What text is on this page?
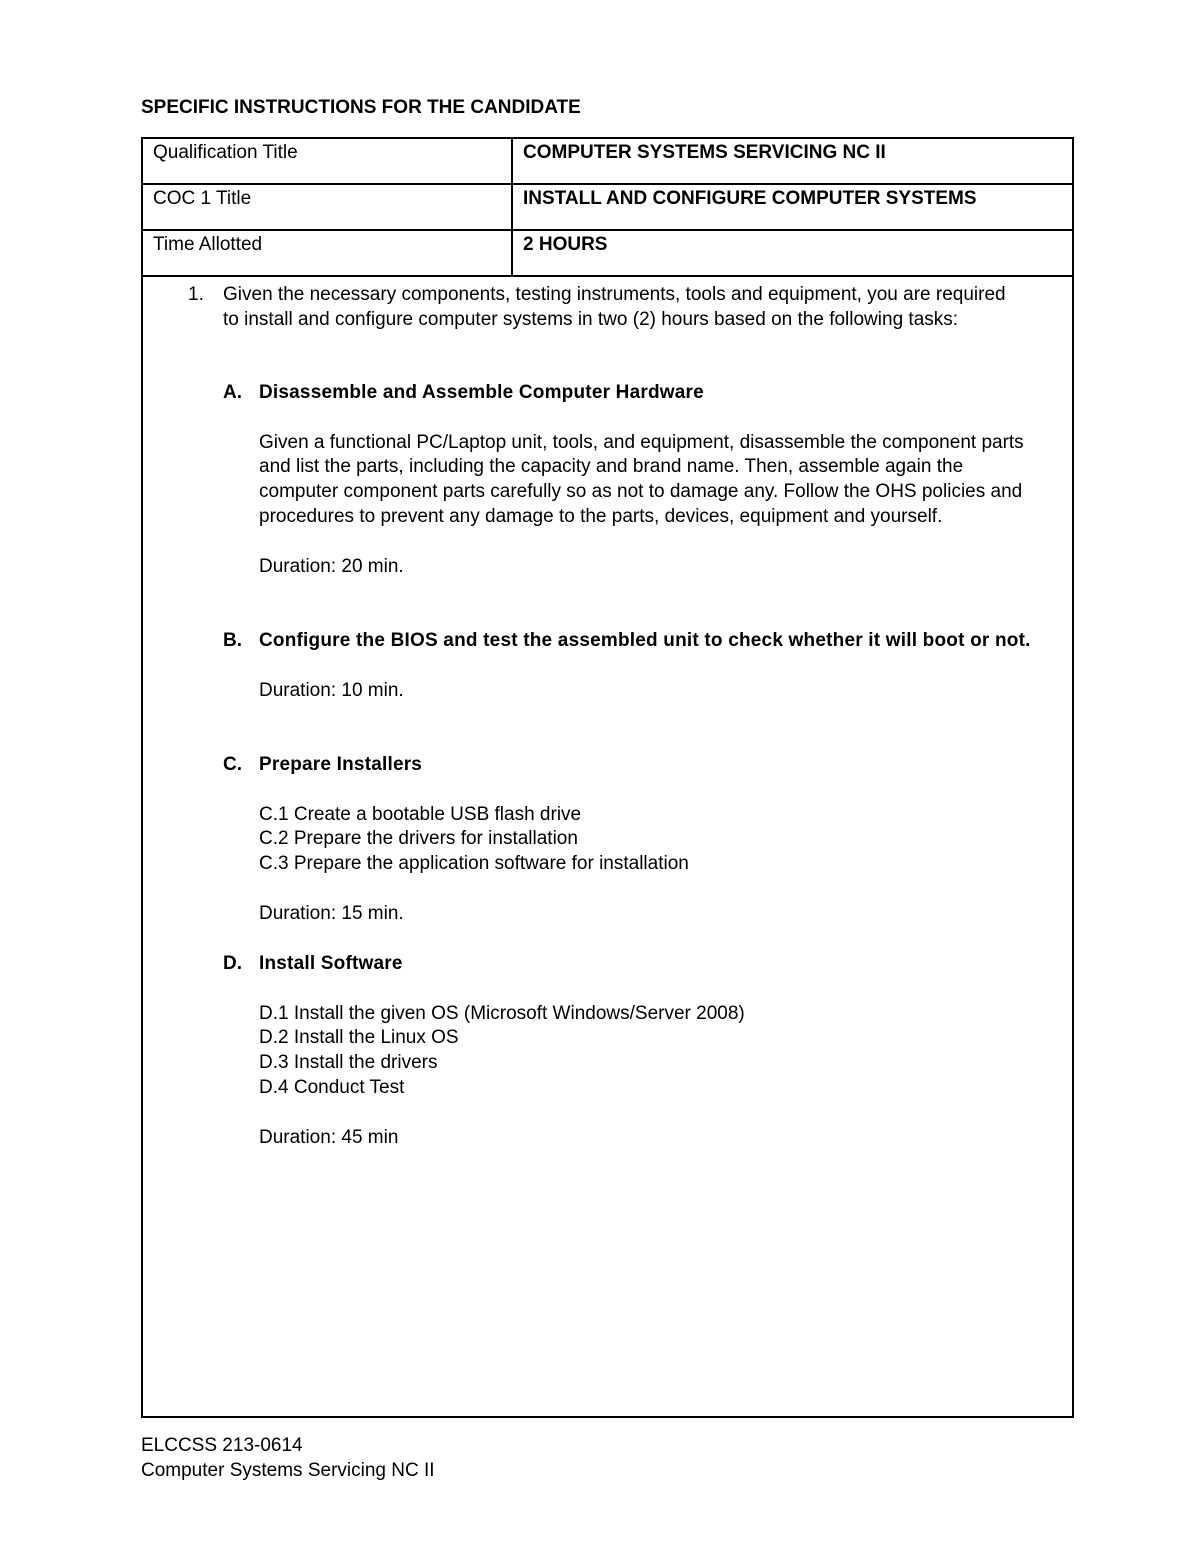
SPECIFIC INSTRUCTIONS FOR THE CANDIDATE
Qualification Title	COMPUTER SYSTEMS SERVICING NC II
COC 1 Title	INSTALL AND CONFIGURE COMPUTER SYSTEMS
Time Allotted	2 HOURS
1. Given the necessary components, testing instruments, tools and equipment, you are required to install and configure computer systems in two (2) hours based on the following tasks:
A. Disassemble and Assemble Computer Hardware
Given a functional PC/Laptop unit, tools, and equipment, disassemble the component parts and list the parts, including the capacity and brand name. Then, assemble again the computer component parts carefully so as not to damage any. Follow the OHS policies and procedures to prevent any damage to the parts, devices, equipment and yourself.
Duration: 20 min.
B. Configure the BIOS and test the assembled unit to check whether it will boot or not.
Duration: 10 min.
C. Prepare Installers
C.1 Create a bootable USB flash drive
C.2 Prepare the drivers for installation
C.3 Prepare the application software for installation
Duration: 15 min.
D. Install Software
D.1 Install the given OS (Microsoft Windows/Server 2008)
D.2 Install the Linux OS
D.3 Install the drivers
D.4 Conduct Test
Duration: 45 min
ELCCSS 213-0614
Computer Systems Servicing NC II
